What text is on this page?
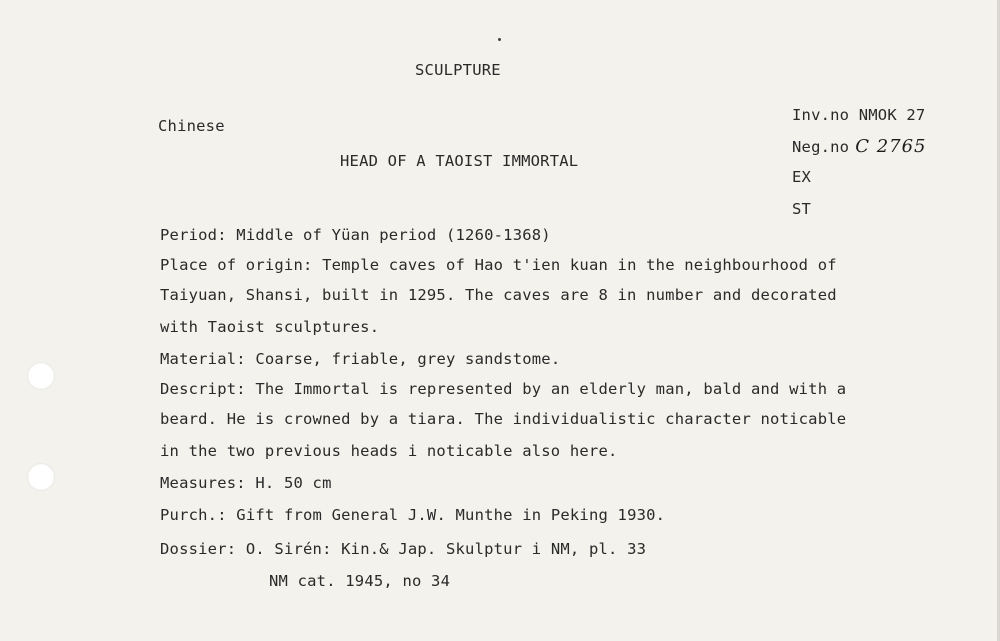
SCULPTURE
Chinese
HEAD OF A TAOIST IMMORTAL
Inv.no NMOK 27
Neg.no C 2765
EX
ST
Period: Middle of Yüan period (1260-1368)
Place of origin: Temple caves of Hao t'ien kuan in the neighbourhood of
Taiyuan, Shansi, built in 1295. The caves are 8 in number and decorated
with Taoist sculptures.
Material: Coarse, friable, grey sandstome.
Descript: The Immortal is represented by an elderly man, bald and with a
beard. He is crowned by a tiara. The individualistic character noticable
in the two previous heads i noticable also here.
Measures: H. 50 cm
Purch.: Gift from General J.W. Munthe in Peking 1930.
Dossier: O. Sirén: Kin.& Jap. Skulptur i NM, pl. 33
NM cat. 1945, no 34
